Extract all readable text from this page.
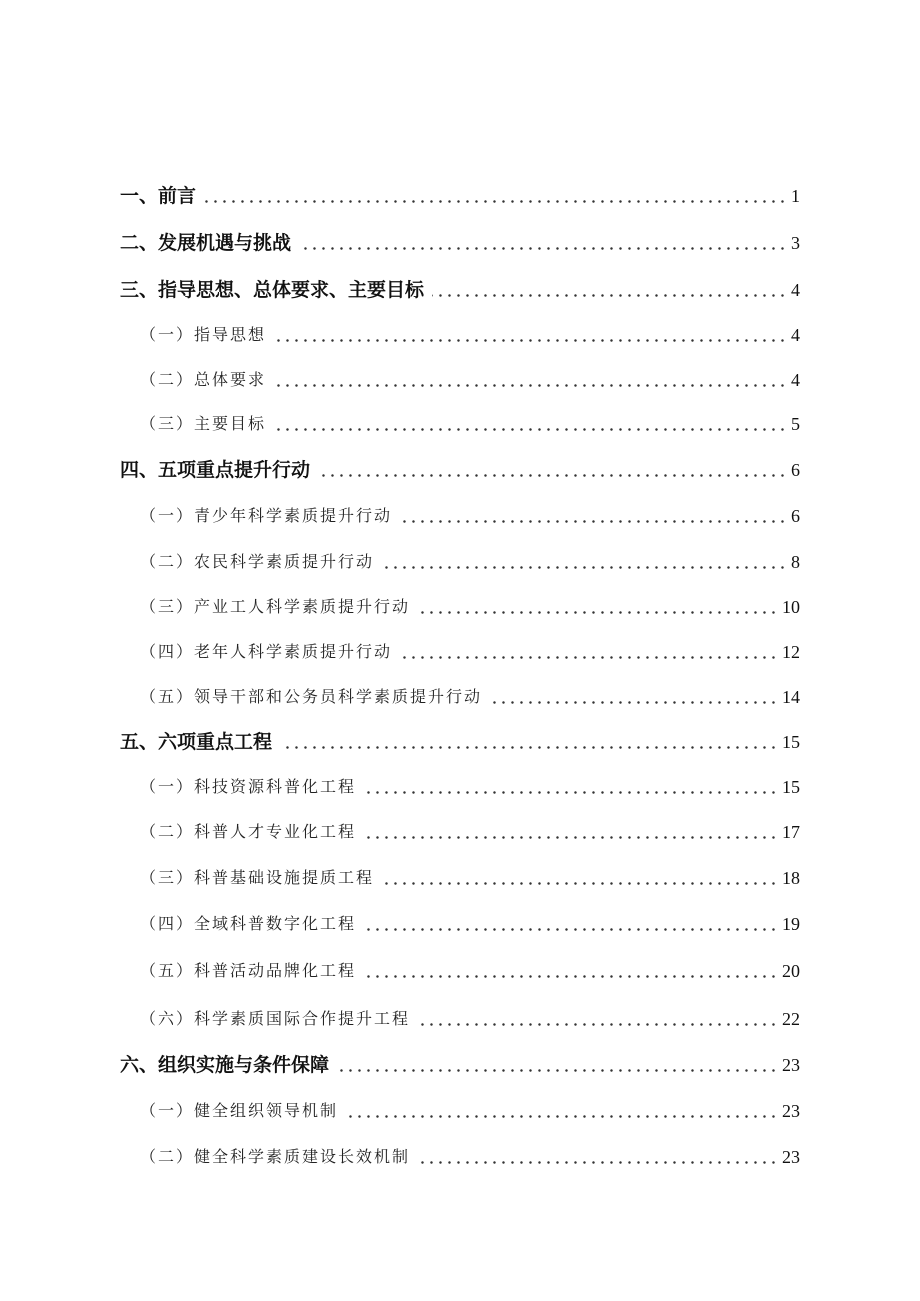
一、前言	1
二、发展机遇与挑战	3
三、指导思想、总体要求、主要目标	4
（一）指导思想	4
（二）总体要求	4
（三）主要目标	5
四、五项重点提升行动	6
（一）青少年科学素质提升行动	6
（二）农民科学素质提升行动	8
（三）产业工人科学素质提升行动	10
（四）老年人科学素质提升行动	12
（五）领导干部和公务员科学素质提升行动	14
五、六项重点工程	15
（一）科技资源科普化工程	15
（二）科普人才专业化工程	17
（三）科普基础设施提质工程	18
（四）全域科普数字化工程	19
（五）科普活动品牌化工程	20
（六）科学素质国际合作提升工程	22
六、组织实施与条件保障	23
（一）健全组织领导机制	23
（二）健全科学素质建设长效机制	23
